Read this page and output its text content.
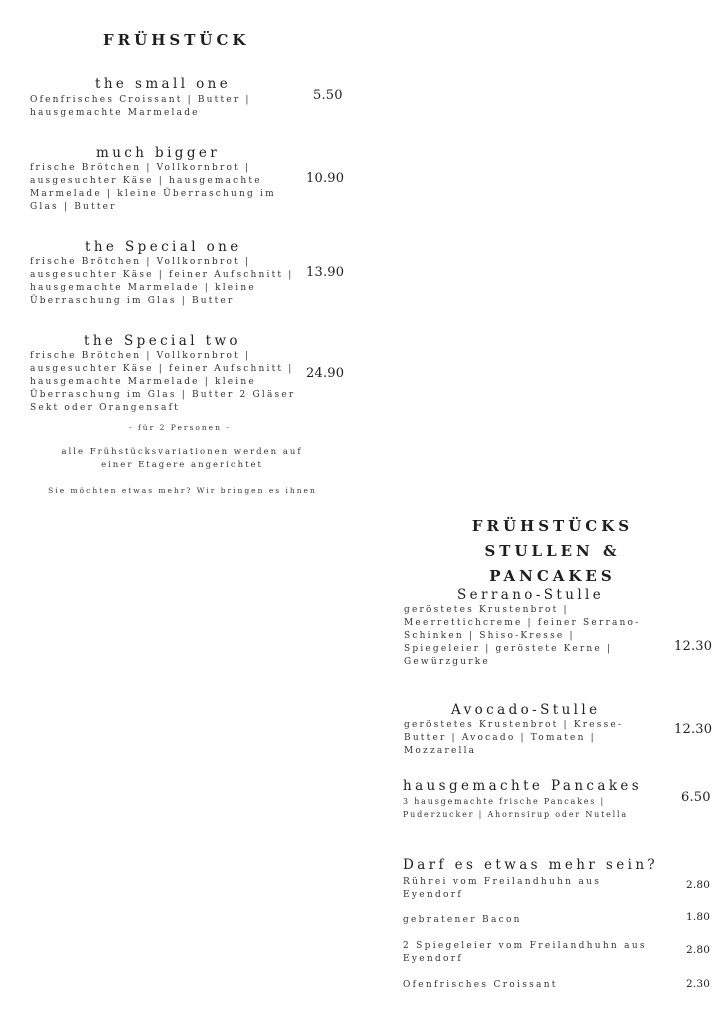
FRÜHSTÜCK
the small one
Ofenfrisches Croissant | Butter | hausgemachte Marmelade
5.50
much bigger
frische Brötchen | Vollkornbrot | ausgesuchter Käse | hausgemachte Marmelade | kleine Überraschung im Glas | Butter
10.90
the Special one
frische Brötchen | Vollkornbrot | ausgesuchter Käse | feiner Aufschnitt | hausgemachte Marmelade | kleine Überraschung im Glas | Butter
13.90
the Special two
frische Brötchen | Vollkornbrot | ausgesuchter Käse | feiner Aufschnitt | hausgemachte Marmelade | kleine Überraschung im Glas | Butter 2 Gläser Sekt oder Orangensaft
24.90
- für 2 Personen -
alle Frühstücksvariationen werden auf einer Etagere angerichtet
Sie möchten etwas mehr? Wir bringen es ihnen
FRÜHSTÜCKS STULLEN & PANCAKES
Serrano-Stulle
geröstetes Krustenbrot | Meerrettichcreme | feiner Serrano-Schinken | Shiso-Kresse | Spiegeleier | geröstete Kerne | Gewürzgurke
12.30
Avocado-Stulle
geröstetes Krustenbrot | Kresse-Butter | Avocado | Tomaten | Mozzarella
12.30
hausgemachte Pancakes
3 hausgemachte frische Pancakes | Puderzucker | Ahornsirup oder Nutella
6.50
Darf es etwas mehr sein?
Rührei vom Freilandhuhn aus Eyendorf
2.80
gebratener Bacon	1.80
2 Spiegeleier vom Freilandhuhn aus Eyendorf
2.80
Ofenfrisches Croissant	2.30
